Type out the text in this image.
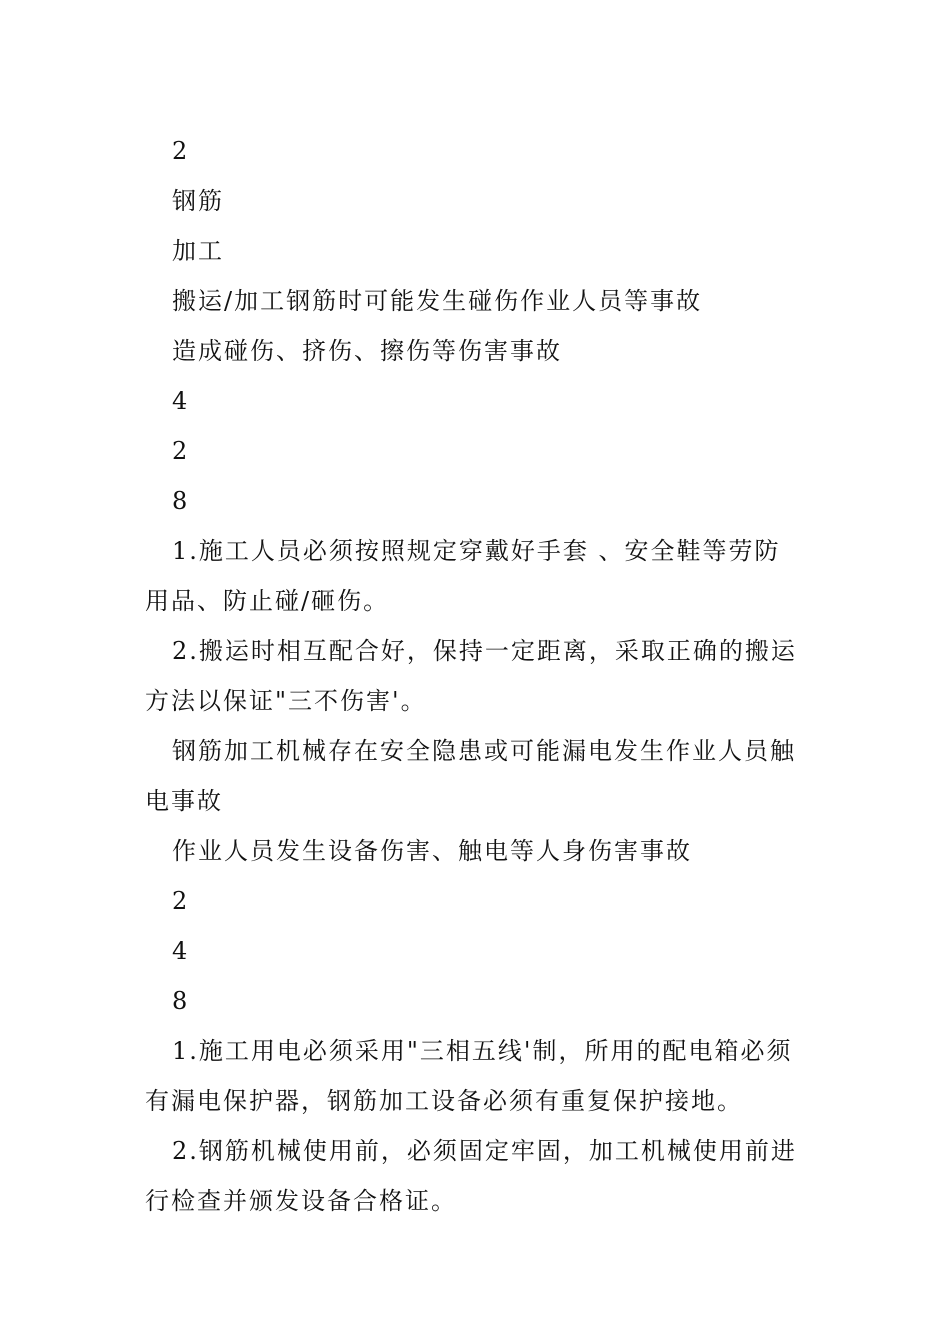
2

钢筋

加工

搬运/加工钢筋时可能发生碰伤作业人员等事故

造成碰伤、挤伤、擦伤等伤害事故

4

2

8

1.施工人员必须按照规定穿戴好手套 、安全鞋等劳防用品、防止碰/砸伤。

2.搬运时相互配合好，保持一定距离，采取正确的搬运方法以保证"三不伤害'。

钢筋加工机械存在安全隐患或可能漏电发生作业人员触电事故

作业人员发生设备伤害、触电等人身伤害事故

2

4

8

1.施工用电必须采用"三相五线'制，所用的配电箱必须有漏电保护器，钢筋加工设备必须有重复保护接地。

2.钢筋机械使用前，必须固定牢固，加工机械使用前进行检查并颁发设备合格证。
